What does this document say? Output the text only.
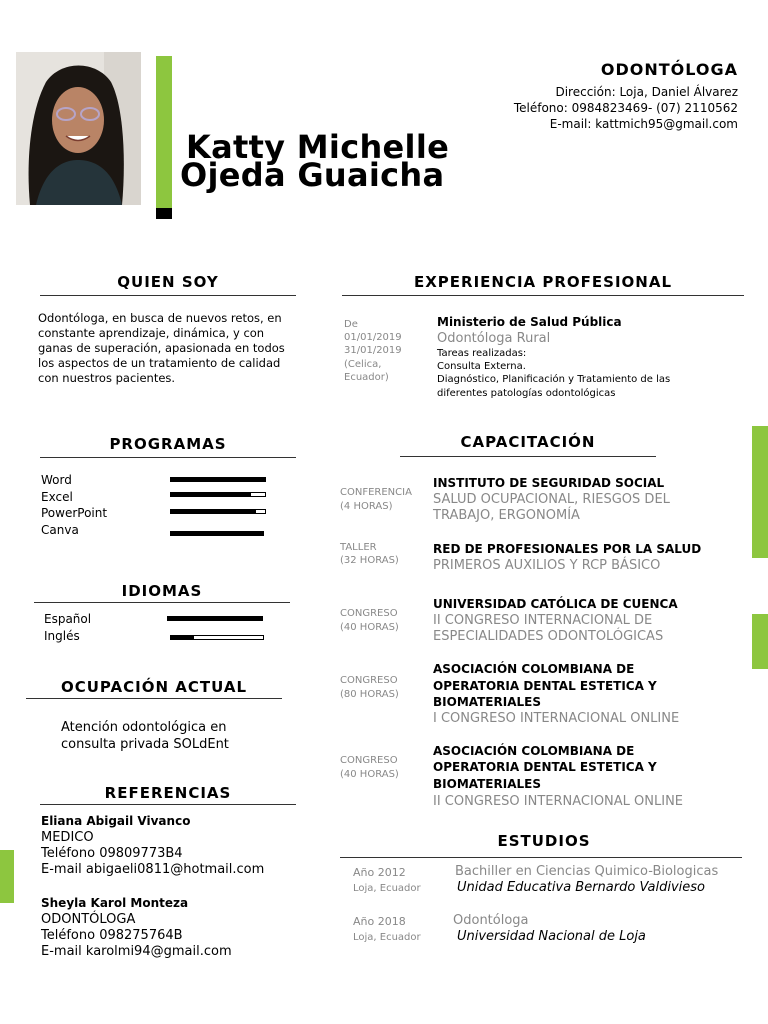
Katty Michelle
Ojeda Guaicha
ODONTÓLOGA
Dirección: Loja, Daniel Álvarez
Teléfono: 0984823469- (07) 2110562
E-mail: kattmich95@gmail.com
QUIEN SOY
Odontóloga, en busca de nuevos retos, en constante aprendizaje, dinámica, y con ganas de superación, apasionada en todos los aspectos de un tratamiento de calidad con nuestros pacientes.
PROGRAMAS
Word
Excel
PowerPoint
Canva
IDIOMAS
Español
Inglés
OCUPACIÓN ACTUAL
Atención odontológica en
consulta privada SOLdEnt
REFERENCIAS
Eliana Abigail Vivanco
MEDICO
Teléfono 09809773B4
E-mail abigaeli0811@hotmail.com
Sheyla Karol Monteza
ODONTÓLOGA
Teléfono 098275764B
E-mail karolmi94@gmail.com
EXPERIENCIA PROFESIONAL
De
01/01/2019
31/01/2019
(Celica,
Ecuador)
Ministerio de Salud Pública
Odontóloga Rural
Tareas realizadas:
Consulta Externa.
Diagnóstico, Planificación y Tratamiento de las
diferentes patologías odontológicas
CAPACITACIÓN
CONFERENCIA
(4 HORAS)
INSTITUTO DE SEGURIDAD SOCIAL
SALUD OCUPACIONAL, RIESGOS DEL
TRABAJO, ERGONOMÍA
TALLER
(32 HORAS)
RED DE PROFESIONALES POR LA SALUD
PRIMEROS AUXILIOS Y RCP BÁSICO
CONGRESO
(40 HORAS)
UNIVERSIDAD CATÓLICA DE CUENCA
II CONGRESO INTERNACIONAL DE
ESPECIALIDADES ODONTOLÓGICAS
CONGRESO
(80 HORAS)
ASOCIACIÓN COLOMBIANA DE
OPERATORIA DENTAL ESTETICA Y
BIOMATERIALES
I CONGRESO INTERNACIONAL ONLINE
CONGRESO
(40 HORAS)
ASOCIACIÓN COLOMBIANA DE
OPERATORIA DENTAL ESTETICA Y
BIOMATERIALES
II CONGRESO INTERNACIONAL ONLINE
ESTUDIOS
Año 2012
Loja, Ecuador
Bachiller en Ciencias Quimico-Biologicas
Unidad Educativa Bernardo Valdivieso
Año 2018
Loja, Ecuador
Odontóloga
Universidad Nacional de Loja
